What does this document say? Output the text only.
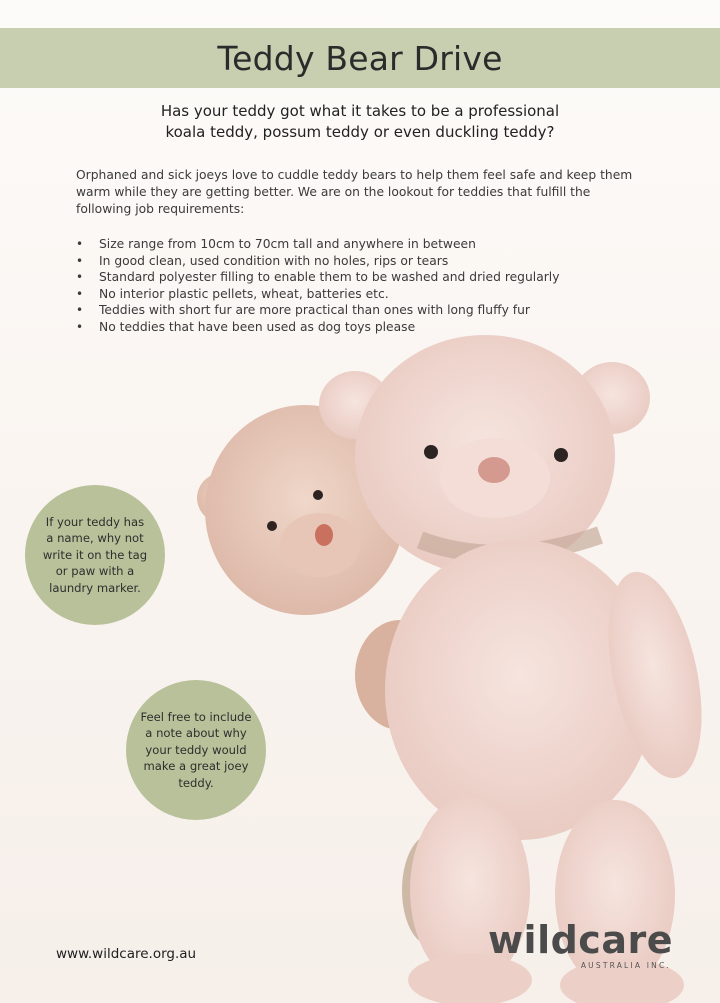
Teddy Bear Drive
Has your teddy got what it takes to be a professional
koala teddy, possum teddy or even duckling teddy?
Orphaned and sick joeys love to cuddle teddy bears to help them feel safe and keep them warm while they are getting better. We are on the lookout for teddies that fulfill the following job requirements:
• Size range from 10cm to 70cm tall and anywhere in between
• In good clean, used condition with no holes, rips or tears
• Standard polyester filling to enable them to be washed and dried regularly
• No interior plastic pellets, wheat, batteries etc.
• Teddies with short fur are more practical than ones with long fluffy fur
• No teddies that have been used as dog toys please
If your teddy has a name, why not write it on the tag or paw with a laundry marker.
Feel free to include a note about why your teddy would make a great joey teddy.
www.wildcare.org.au	wildcare
AUSTRALIA INC.
